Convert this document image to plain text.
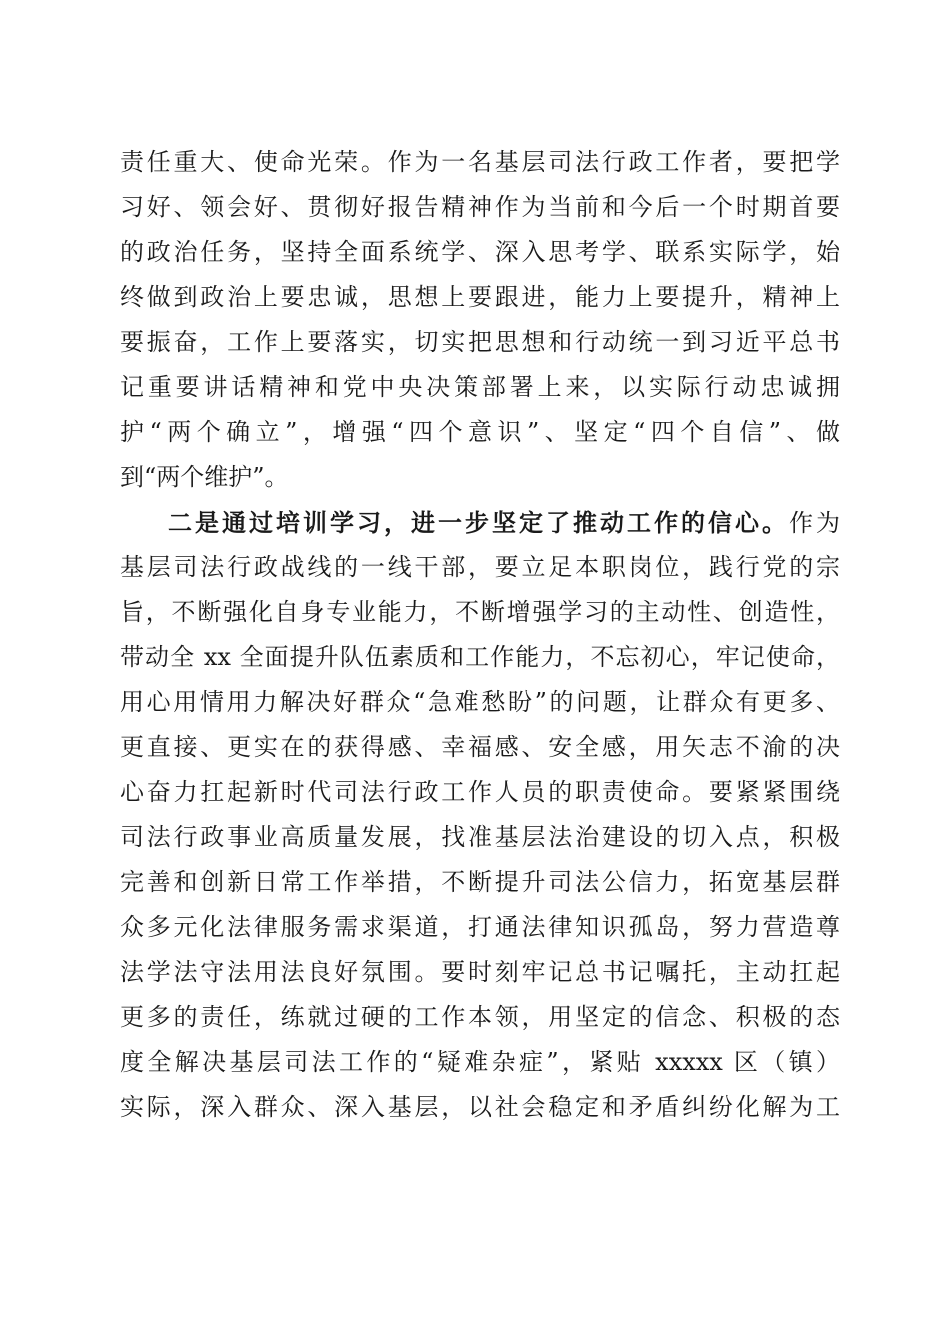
责任重大、使命光荣。作为一名基层司法行政工作者，要把学
习好、领会好、贯彻好报告精神作为当前和今后一个时期首要
的政治任务，坚持全面系统学、深入思考学、联系实际学，始
终做到政治上要忠诚，思想上要跟进，能力上要提升，精神上
要振奋，工作上要落实，切实把思想和行动统一到习近平总书
记重要讲话精神和党中央决策部署上来，以实际行动忠诚拥
护“两个确立”，增强“四个意识”、坚定“四个自信”、做
到“两个维护”。
二是通过培训学习，进一步坚定了推动工作的信心。作为
基层司法行政战线的一线干部，要立足本职岗位，践行党的宗
旨，不断强化自身专业能力，不断增强学习的主动性、创造性，
带动全 xx 全面提升队伍素质和工作能力，不忘初心，牢记使命，
用心用情用力解决好群众“急难愁盼”的问题，让群众有更多、
更直接、更实在的获得感、幸福感、安全感，用矢志不渝的决
心奋力扛起新时代司法行政工作人员的职责使命。要紧紧围绕
司法行政事业高质量发展，找准基层法治建设的切入点，积极
完善和创新日常工作举措，不断提升司法公信力，拓宽基层群
众多元化法律服务需求渠道，打通法律知识孤岛，努力营造尊
法学法守法用法良好氛围。要时刻牢记总书记嘱托，主动扛起
更多的责任，练就过硬的工作本领，用坚定的信念、积极的态
度全解决基层司法工作的“疑难杂症”，紧贴 xxxxx 区（镇）
实际，深入群众、深入基层，以社会稳定和矛盾纠纷化解为工
